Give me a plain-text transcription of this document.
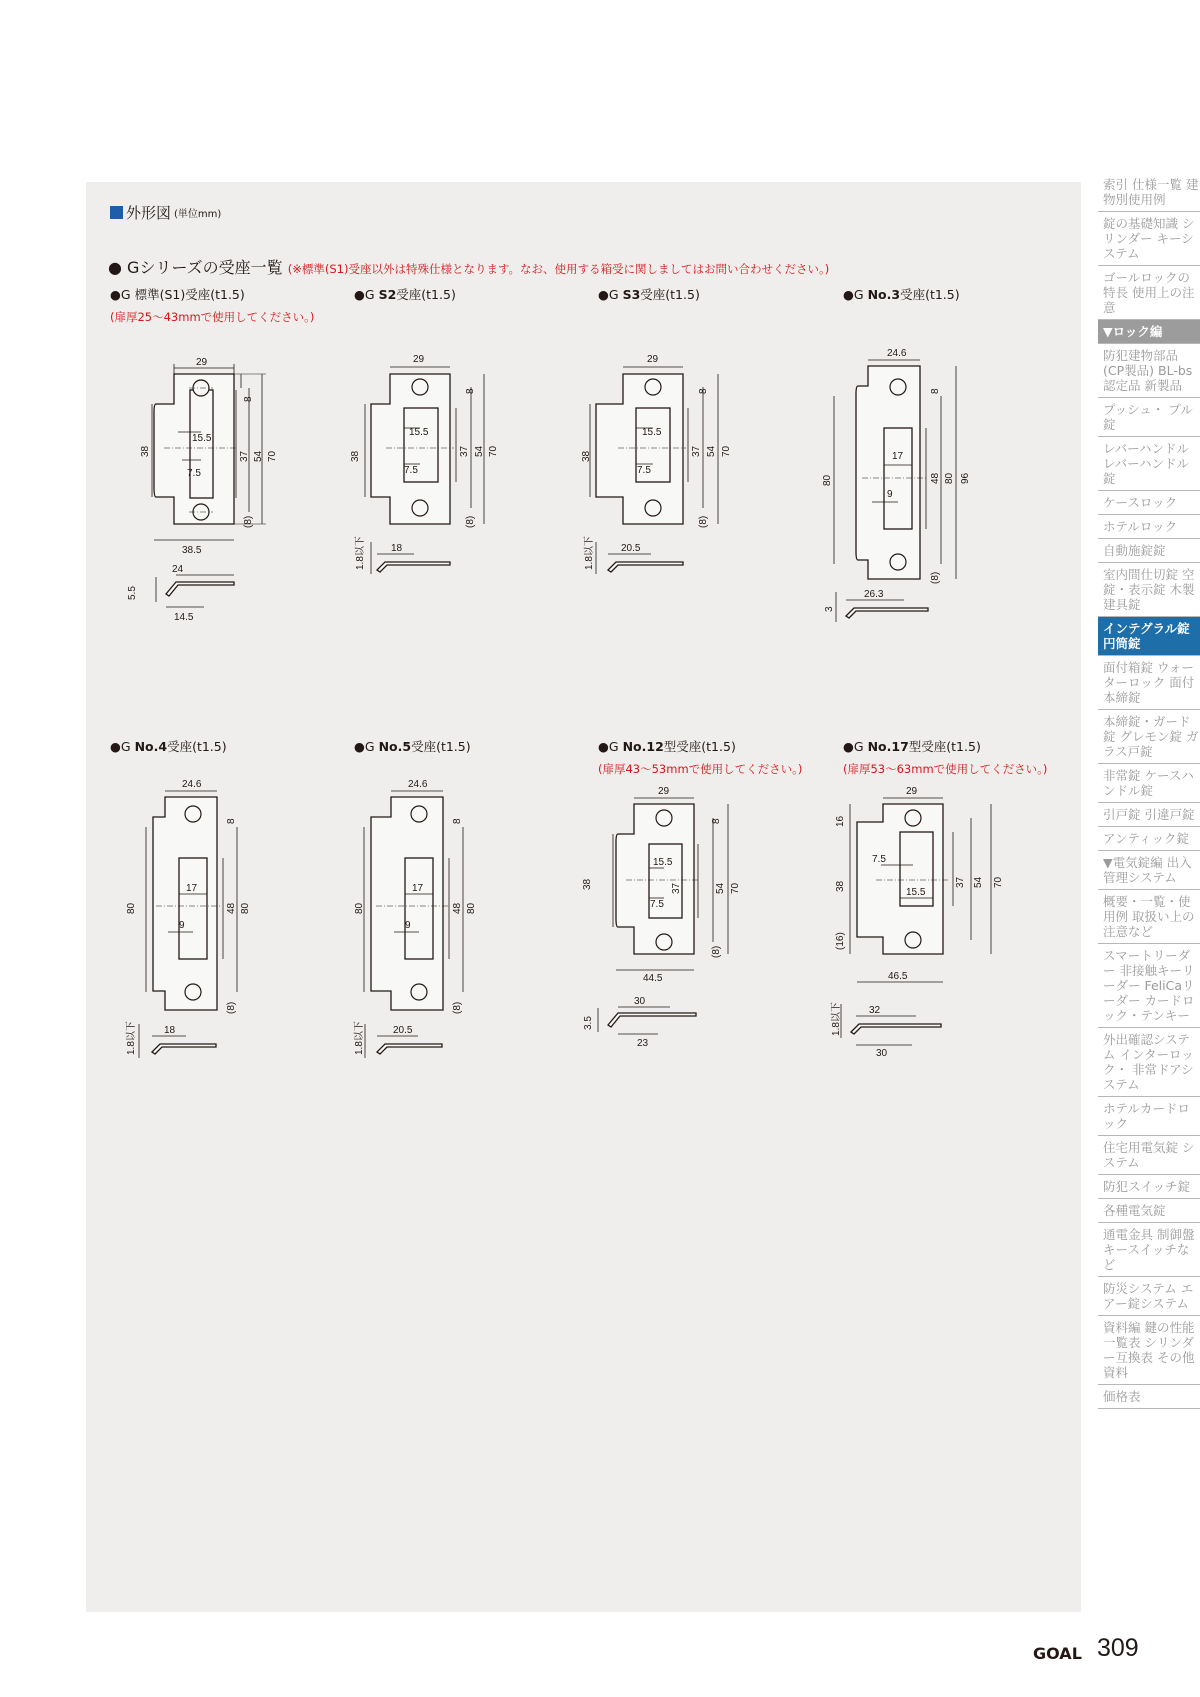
外形図 (単位mm)
● Gシリーズの受座一覧 (※標準(S1)受座以外は特殊仕様となります。なお、使用する箱受に関しましてはお問い合わせください。)
●G 標準(S1)受座(t1.5)
(扉厚25～43mmで使用してください。)
●G S2受座(t1.5)	●G S3受座(t1.5)	●G No.3受座(t1.5)
●G No.4受座(t1.5)	●G No.5受座(t1.5)	●G No.12型受座(t1.5)
(扉厚43～53mmで使用してください。)
●G No.17型受座(t1.5)
(扉厚53～63mmで使用してください。)
29
38
15.5
7.5
37 54 70
8
(8)
38.5
24
5.5
14.5
29
38
15.5
7.5
37 54 70
8
(8)
18
1.8以下
29
38
15.5
7.5
37 54 70
8
(8)
20.5
1.8以下
24.6
80
17
9
48 80 96
8
(8)
26.3
3
24.6
80
17
9
48 80
8
(8)
18
1.8以下
24.6
80
17
9
48 80
8
(8)
20.5
1.8以下
29
38
15.5
7.5
37	54 70
8
(8)
44.5
30
3.5
23
29
16
38
(16)
7.5
15.5
37 54 70
46.5
32
1.8以下
30
索引 仕様一覧 建物別使用例
錠の基礎知識 シリンダー キーシステム
ゴールロックの特長 使用上の注意
▼ロック編
防犯建物部品 (CP製品) BL-bs認定品 新製品
プッシュ・ プル錠
レバーハンドル レバーハンドル錠
ケースロック
ホテルロック
自動施錠錠
室内間仕切錠 空錠・表示錠 木製建具錠
インテグラル錠 円筒錠
面付箱錠 ウォーターロック 面付本締錠
本締錠・ガード錠 グレモン錠 ガラス戸錠
非常錠 ケースハンドル錠
引戸錠 引違戸錠
アンティック錠
▼電気錠編 出入管理システム
概要・一覧・使用例 取扱い上の注意など
スマートリーダー 非接触キーリーダー FeliCaリーダー カードロック・テンキー
外出確認システム インターロック・ 非常ドアシステム
ホテルカードロック
住宅用電気錠 システム
防犯スイッチ錠
各種電気錠
通電金具 制御盤 キースイッチなど
防災システム エアー錠システム
資料編 鍵の性能一覧表 シリンダー互換表 その他資料
価格表
GOAL 309
